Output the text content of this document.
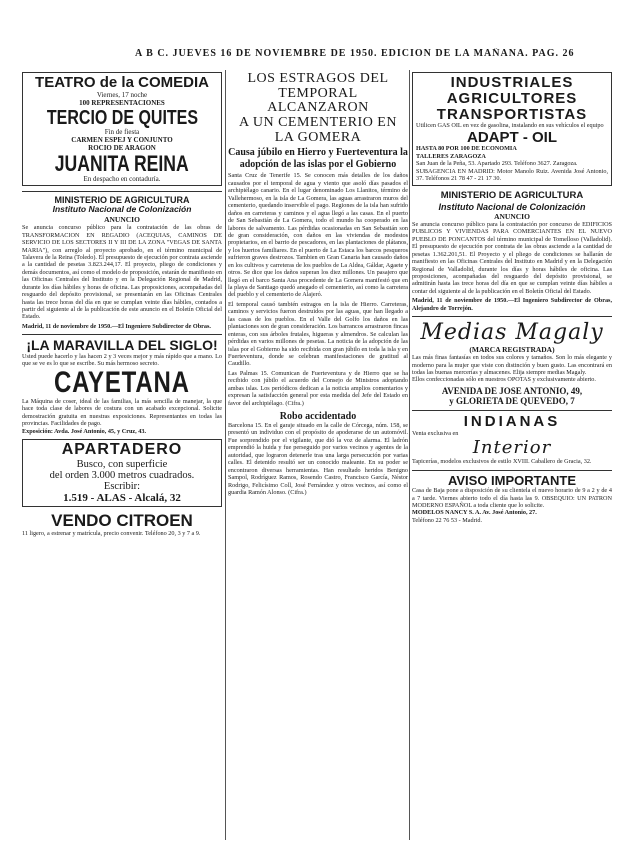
A B C. JUEVES 16 DE NOVIEMBRE DE 1950. EDICION DE LA MAÑANA. PAG. 26
TEATRO de la COMEDIA
Viernes, 17 noche
100 REPRESENTACIONES
TERCIO DE QUITES
Fin de fiesta
CARMEN ESPEJ Y CONJUNTO
ROCIO DE ARAGON
JUANITA REINA
En despacho en contaduría.
MINISTERIO DE AGRICULTURA
Instituto Nacional de Colonización
ANUNCIO
Se anuncia concurso público para la contratación de las obras de TRANSFORMACION EN REGADIO (ACEQUIAS, CAMINOS DE SERVICIO DE LOS SECTORES II Y III DE LA ZONA "VEGAS DE SANTA MARIA"), con arreglo al proyecto aprobado, en el término municipal de Talavera de la Reina (Toledo). El presupuesto de ejecución por contrata asciende a la cantidad de pesetas 3.823.244,17. El proyecto, pliego de condiciones y demás documentos, así como el modelo de proposición, estarán de manifiesto en las Oficinas Centrales del Instituto y en la Delegación Regional de Madrid, durante los días hábiles y horas de oficina. Las proposiciones, acompañadas del resguardo del depósito provisional, se presentarán en las Oficinas Centrales hasta las trece horas del día en que se cumplan veinte días hábiles, contados a partir del siguiente al de la publicación de este anuncio en el Boletín Oficial del Estado.
Madrid, 11 de noviembre de 1950.—El Ingeniero Subdirector de Obras.
¡LA MARAVILLA DEL SIGLO!
Usted puede hacerlo y las hacen 2 y 3 veces mejor y más rápido que a mano. Lo que se ve es lo que se escribe. Su más hermoso secreto.
CAYETANA
La Máquina de coser, ideal de las familias, la más sencilla de manejar, la que hace toda clase de labores de costura con un acabado excepcional. Solicite demostración gratuita en nuestras exposiciones. Representantes en todas las provincias. Facilidades de pago.
Exposición: Avda. José Antonio, 45, y Cruz, 43.
APARTADERO
Busco, con superficie
del orden 3.000 metros cuadrados.
Escribir:
1.519 - ALAS - Alcalá, 32
VENDO CITROEN
11 ligero, a estrenar y matrícula, precio convenir. Teléfono 20, 3 y 7 a 9.
LOS ESTRAGOS DEL TEMPORAL ALCANZARON
A UN CEMENTERIO EN
LA GOMERA
Causa júbilo en Hierro y Fuerteventura la adopción de las islas por el Gobierno
Santa Cruz de Tenerife 15. Se conocen más detalles de los daños causados por el temporal de agua y viento que asoló días pasados el archipiélago canario. En el lugar denominado Los Llanitos, término de Vallehermoso, en la isla de La Gomera, las aguas arrastraron muros del cementerio, quedando inservible el pago. Regiones de la isla han sufrido daños en carreteras y caminos y el agua llegó a las casas. En el puerto de San Sebastián de La Gomera, todo el mundo ha cooperado en las labores de salvamento. Las pérdidas ocasionadas en San Sebastián son de gran consideración, con daños en las viviendas de modestos propietarios, en el barrio de pescadores, en las plantaciones de plátanos, y los huertos familiares. En el puerto de La Estaca los barcos pesqueros sufrieron graves destrozos. Tambien en Gran Canaria han causado daños en los cultivos y carreteras de los pueblos de La Aldea, Gáldar, Agaete y otros. Se dice que los daños superan los diez millones. Un pasajero que llegó en el barco Santa Ana procedente de La Gomera manifestó que en la playa de Santiago quedó anegado el cementerio, así como la carretera del pueblo y el cementerio de Alajeró.
El temporal causó también estragos en la isla de Hierro. Carreteras, caminos y servicios fueron destruidos por las aguas, que han llegado a las casas de los pueblos. En el Valle del Golfo los daños en las plantaciones son de gran consideración. Los barrancos arrastraron fincas enteras, con sus árboles frutales, higueras y almendros. Se calculan las pérdidas en varios millones de pesetas. La noticia de la adopción de las islas por el Gobierno ha sido recibida con gran júbilo en toda la isla y en Fuerteventura, donde se celebran manifestaciones de gratitud al Caudillo.
Las Palmas 15. Comunican de Fuerteventura y de Hierro que se ha recibido con júbilo el acuerdo del Consejo de Ministros adoptando ambas islas. Los periódicos dedican a la noticia amplios comentarios y expresan la satisfacción general por esta medida del Jefe del Estado en favor del archipiélago. (Cifra.)
Robo accidentado
Barcelona 15. En el garaje situado en la calle de Córcega, núm. 158, se presentó un individuo con el propósito de apoderarse de un automóvil. Fue sorprendido por el vigilante, que dió la voz de alarma. El ladrón emprendió la huida y fue perseguido por varios vecinos y agentes de la autoridad, que lograron detenerle tras una larga persecución por varias calles. El detenido resultó ser un conocido maleante. En su poder se encontraron diversas herramientas. Han resultado heridos Benigno Sampol, Rodríguez Ramos, Rosendo Castro, Francisco García, Néstor Rodrigo, Felicísimo Coll, José Fernández y otros vecinos, así como el guardia Ramón Alonso. (Cifra.)
INDUSTRIALES
AGRICULTORES
TRANSPORTISTAS
Utilicen GAS OIL en vez de gasolina, instalando en sus vehículos el equipo
ADAPT - OIL
HASTA 80 POR 100 DE ECONOMIA
TALLERES ZARAGOZA
San Juan de la Peña, 53. Apartado 293. Teléfono 3627. Zaragoza.
SUBAGENCIA EN MADRID: Motor Manolo Ruiz. Avenida José Antonio, 37. Teléfonos 21 78 47 - 21 17 30.
MINISTERIO DE AGRICULTURA
Instituto Nacional de Colonización
ANUNCIO
Se anuncia concurso público para la contratación por concurso de EDIFICIOS PUBLICOS Y VIVIENDAS PARA COMERCIANTES EN EL NUEVO PUEBLO DE PONCANTOS del término municipal de Tomelloso (Valladolid). El presupuesto de ejecución por contrata de las obras asciende a la cantidad de pesetas 1.362.201,51. El Proyecto y el pliego de condiciones se hallarán de manifiesto en las Oficinas Centrales del Instituto en Madrid y en la Delegación Regional de Valladolid, durante los días y horas hábiles de oficina. Las proposiciones, acompañadas del resguardo del depósito provisional, se admitirán hasta las trece horas del día en que se cumplan veinte días hábiles a contar del siguiente al de la publicación en el Boletín Oficial del Estado.
Madrid, 11 de noviembre de 1950.—El Ingeniero Subdirector de Obras, Alejandro de Torrejón.
Medias Magaly
(MARCA REGISTRADA)
Las más finas fantasías en todos sus colores y tamaños. Son lo más elegante y moderno para la mujer que viste con distinción y buen gusto. Las encontrará en todas las buenas mercerías y almacenes. Elija siempre medias Magaly.
Ellos confeccionadas sólo en nuestros OPOTAS y exclusivamente abierto.
AVENIDA DE JOSE ANTONIO, 49,
y GLORIETA DE QUEVEDO, 7
INDIANAS
Venta exclusiva en
Interior
Tapicerías, modelos exclusivos de estilo XVIII. Caballero de Gracia, 32.
AVISO IMPORTANTE
Casa de Baja pone a disposición de su clientela el nuevo horario de 9 a 2 y de 4 a 7 tarde. Viernes abierto todo el día hasta las 9. OBSEQUIO: UN PATRON MODERNO ESPAÑOL a toda cliente que lo solicite.
MODELOS NANCY S. A. Av. José Antonio, 27.
Teléfono 22 76 53 - Madrid.
